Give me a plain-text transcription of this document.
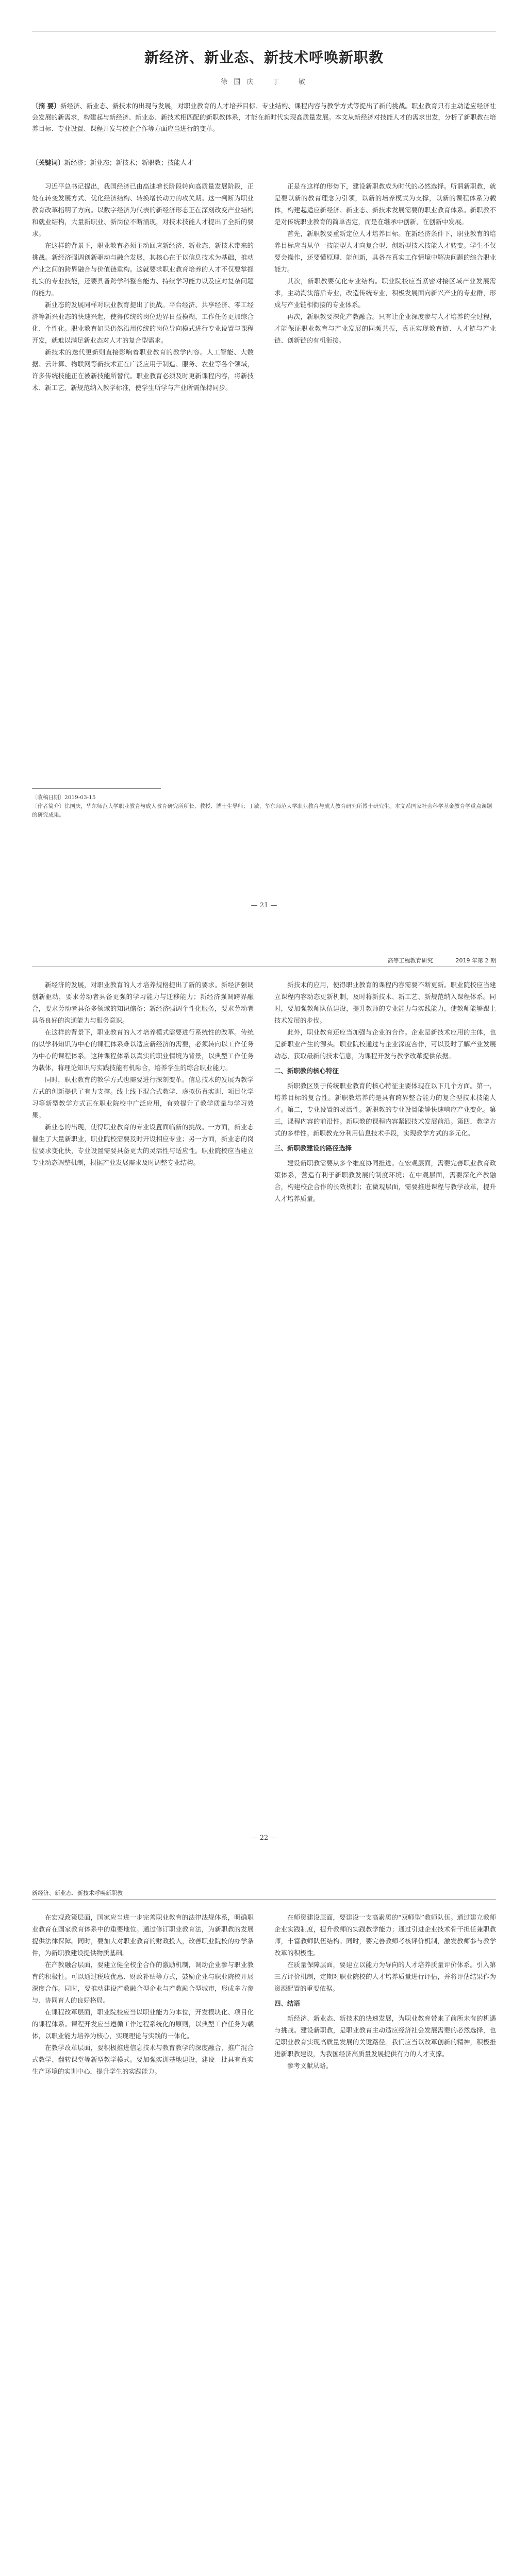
新经济、新业态、新技术呼唤新职教
徐 国 庆 　 丁 　 敏
〔摘 要〕新经济、新业态、新技术的出现与发展，对职业教育的人才培养目标、专业结构、课程内容与教学方式等提出了新的挑战。职业教育只有主动适应经济社会发展的新需求，构建起与新经济、新业态、新技术相匹配的新职教体系，才能在新时代实现高质量发展。本文从新经济对技能人才的需求出发，分析了新职教在培养目标、专业设置、课程开发与校企合作等方面应当进行的变革。
〔关键词〕新经济；新业态；新技术；新职教；技能人才

习近平总书记提出，我国经济已由高速增长阶段转向高质量发展阶段，正处在转变发展方式、优化经济结构、转换增长动力的攻关期。这一判断为职业教育改革指明了方向。以数字经济为代表的新经济形态正在深刻改变产业结构和就业结构，大量新职业、新岗位不断涌现，对技术技能人才提出了全新的要求。

在这样的背景下，职业教育必须主动回应新经济、新业态、新技术带来的挑战。新经济强调创新驱动与融合发展，其核心在于以信息技术为基础，推动产业之间的跨界融合与价值链重构。这就要求职业教育培养的人才不仅要掌握扎实的专业技能，还要具备跨学科整合能力、持续学习能力以及应对复杂问题的能力。

新业态的发展同样对职业教育提出了挑战。平台经济、共享经济、零工经济等新兴业态的快速兴起，使得传统的岗位边界日益模糊，工作任务更加综合化、个性化。职业教育如果仍然沿用传统的岗位导向模式进行专业设置与课程开发，就难以满足新业态对人才的复合型需求。

新技术的迭代更新则直接影响着职业教育的教学内容。人工智能、大数据、云计算、物联网等新技术正在广泛应用于制造、服务、农业等各个领域，许多传统技能正在被新技能所替代。职业教育必须及时更新课程内容，将新技术、新工艺、新规范纳入教学标准，使学生所学与产业所需保持同步。

正是在这样的形势下，建设新职教成为时代的必然选择。所谓新职教，就是要以新的教育理念为引领，以新的培养模式为支撑，以新的课程体系为载体，构建起适应新经济、新业态、新技术发展需要的职业教育体系。新职教不是对传统职业教育的简单否定，而是在继承中创新，在创新中发展。

首先，新职教要重新定位人才培养目标。在新经济条件下，职业教育的培养目标应当从单一技能型人才向复合型、创新型技术技能人才转变。学生不仅要会操作，还要懂原理、能创新，具备在真实工作情境中解决问题的综合职业能力。

其次，新职教要优化专业结构。职业院校应当紧密对接区域产业发展需求，主动淘汰落后专业，改造传统专业，积极发展面向新兴产业的专业群，形成与产业链相衔接的专业体系。

再次，新职教要深化产教融合。只有让企业深度参与人才培养的全过程，才能保证职业教育与产业发展的同频共振，真正实现教育链、人才链与产业链、创新链的有机衔接。

〔收稿日期〕2019-03-15
〔作者简介〕徐国庆，华东师范大学职业教育与成人教育研究所所长、教授、博士生导师；丁敏，华东师范大学职业教育与成人教育研究所博士研究生。本文系国家社会科学基金教育学重点课题的研究成果。
— 21 —
高等工程教育研究　　　　2019 年第 2 期

新经济的发展，对职业教育的人才培养规格提出了新的要求。新经济强调创新驱动，要求劳动者具备更强的学习能力与迁移能力；新经济强调跨界融合，要求劳动者具备多领域的知识储备；新经济强调个性化服务，要求劳动者具备良好的沟通能力与服务意识。

在这样的背景下，职业教育的人才培养模式需要进行系统性的改革。传统的以学科知识为中心的课程体系难以适应新经济的需要，必须转向以工作任务为中心的课程体系。这种课程体系以真实的职业情境为背景，以典型工作任务为载体，将理论知识与实践技能有机融合，培养学生的综合职业能力。

同时，职业教育的教学方式也需要进行深刻变革。信息技术的发展为教学方式的创新提供了有力支撑。线上线下混合式教学、虚拟仿真实训、项目化学习等新型教学方式正在职业院校中广泛应用，有效提升了教学质量与学习效果。

新业态的出现，使得职业教育的专业设置面临新的挑战。一方面，新业态催生了大量新职业，职业院校需要及时开设相应专业；另一方面，新业态的岗位要求变化快，专业设置需要具备更大的灵活性与适应性。职业院校应当建立专业动态调整机制，根据产业发展需求及时调整专业结构。

新技术的应用，使得职业教育的课程内容需要不断更新。职业院校应当建立课程内容动态更新机制，及时将新技术、新工艺、新规范纳入课程体系。同时，要加强教师队伍建设，提升教师的专业能力与实践能力，使教师能够跟上技术发展的步伐。

此外，职业教育还应当加强与企业的合作。企业是新技术应用的主体，也是新职业产生的源头。职业院校通过与企业深度合作，可以及时了解产业发展动态，获取最新的技术信息，为课程开发与教学改革提供依据。

二、新职教的核心特征

新职教区别于传统职业教育的核心特征主要体现在以下几个方面。第一，培养目标的复合性。新职教培养的是具有跨界整合能力的复合型技术技能人才。第二，专业设置的灵活性。新职教的专业设置能够快速响应产业变化。第三，课程内容的前沿性。新职教的课程内容紧跟技术发展前沿。第四，教学方式的多样性。新职教充分利用信息技术手段，实现教学方式的多元化。

三、新职教建设的路径选择

建设新职教需要从多个维度协同推进。在宏观层面，需要完善职业教育政策体系，营造有利于新职教发展的制度环境；在中观层面，需要深化产教融合，构建校企合作的长效机制；在微观层面，需要推进课程与教学改革，提升人才培养质量。

— 22 —
新经济、新业态、新技术呼唤新职教

在宏观政策层面，国家应当进一步完善职业教育的法律法规体系，明确职业教育在国家教育体系中的重要地位。通过修订职业教育法，为新职教的发展提供法律保障。同时，要加大对职业教育的财政投入，改善职业院校的办学条件，为新职教建设提供物质基础。

在产教融合层面，要建立健全校企合作的激励机制，调动企业参与职业教育的积极性。可以通过税收优惠、财政补贴等方式，鼓励企业与职业院校开展深度合作。同时，要推动建设产教融合型企业与产教融合型城市，形成多方参与、协同育人的良好格局。

在课程改革层面，职业院校应当以职业能力为本位，开发模块化、项目化的课程体系。课程开发应当遵循工作过程系统化的原则，以典型工作任务为载体，以职业能力培养为核心，实现理论与实践的一体化。

在教学改革层面，要积极推进信息技术与教育教学的深度融合，推广混合式教学、翻转课堂等新型教学模式。要加强实训基地建设，建设一批具有真实生产环境的实训中心，提升学生的实践能力。

在师资建设层面，要建设一支高素质的“双师型”教师队伍。通过建立教师企业实践制度，提升教师的实践教学能力；通过引进企业技术骨干担任兼职教师，丰富教师队伍结构。同时，要完善教师考核评价机制，激发教师参与教学改革的积极性。

在质量保障层面，要建立以能力为导向的人才培养质量评价体系。引入第三方评价机制，定期对职业院校的人才培养质量进行评估，并将评估结果作为资源配置的重要依据。

四、结语

新经济、新业态、新技术的快速发展，为职业教育带来了前所未有的机遇与挑战。建设新职教，是职业教育主动适应经济社会发展需要的必然选择，也是职业教育实现高质量发展的关键路径。我们应当以改革创新的精神，积极推进新职教建设，为我国经济高质量发展提供有力的人才支撑。

参考文献从略。
